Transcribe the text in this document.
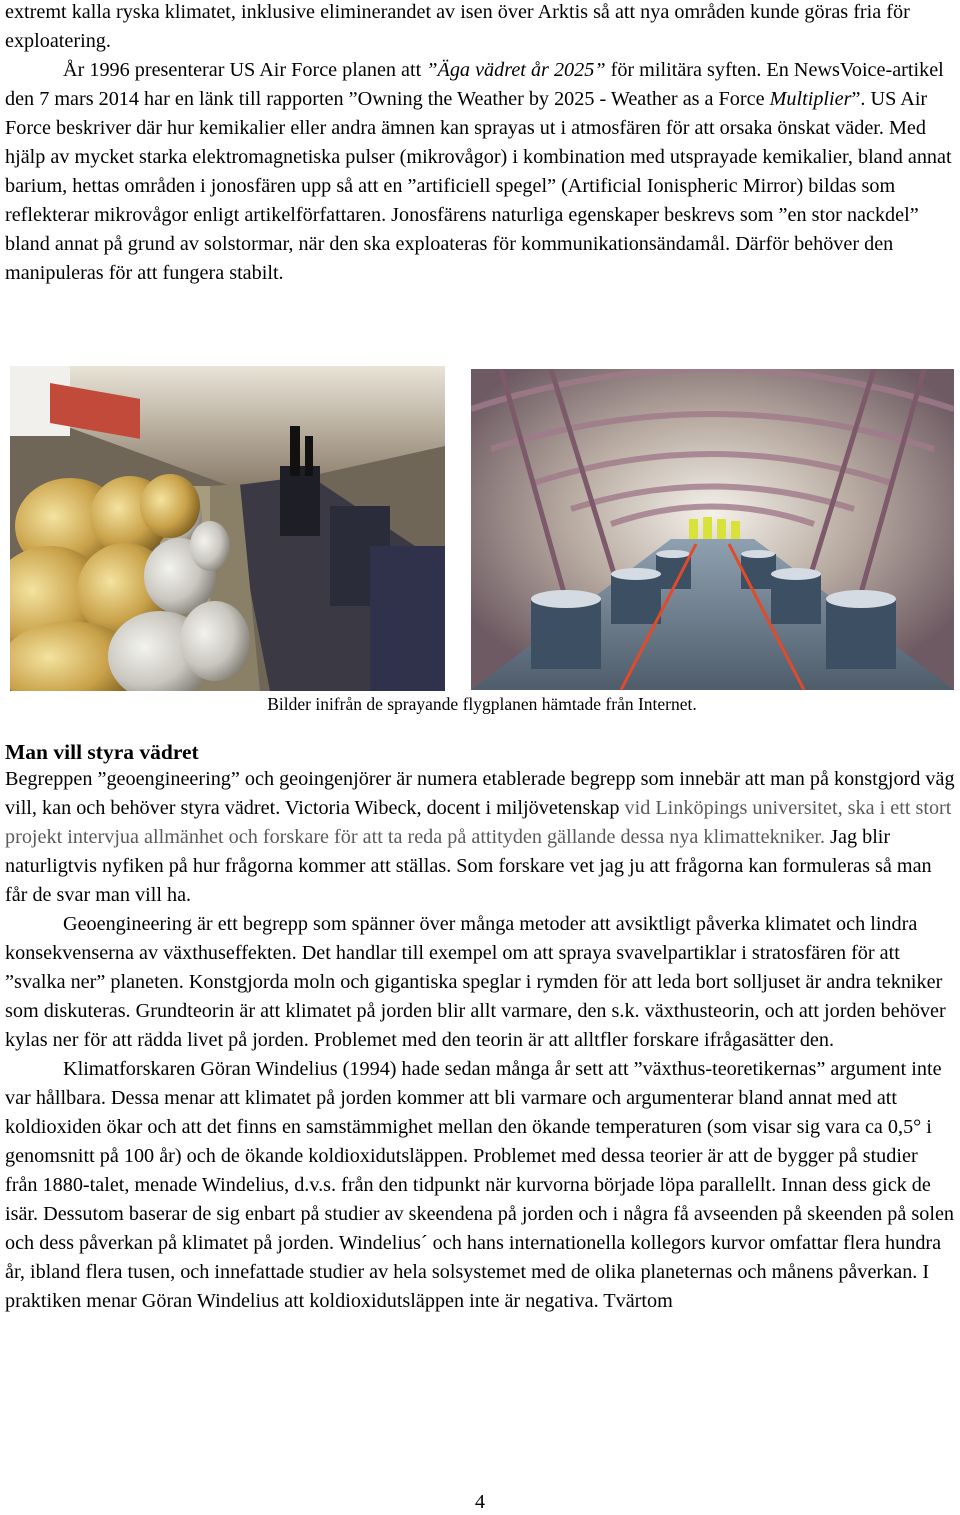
extremt kalla ryska klimatet, inklusive eliminerandet av isen över Arktis så att nya områden kunde göras fria för exploatering.
År 1996 presenterar US Air Force planen att ”Äga vädret år 2025” för militära syften. En NewsVoice-artikel den 7 mars 2014 har en länk till rapporten ”Owning the Weather by 2025 - Weather as a Force Multiplier”. US Air Force beskriver där hur kemikalier eller andra ämnen kan sprayas ut i atmosfären för att orsaka önskat väder. Med hjälp av mycket starka elektromagnetiska pulser (mikrovågor) i kombination med utsprayade kemikalier, bland annat barium, hettas områden i jonosfären upp så att en ”artificiell spegel” (Artificial Ionispheric Mirror) bildas som reflekterar mikrovågor enligt artikelförfattaren. Jonosfärens naturliga egenskaper beskrevs som ”en stor nackdel” bland annat på grund av solstormar, när den ska exploateras för kommunikationsändamål. Därför behöver den manipuleras för att fungera stabilt.

Bilder inifrån de sprayande flygplanen hämtade från Internet.
Man vill styra vädret

Begreppen ”geoengineering” och geoingenjörer är numera etablerade begrepp som innebär att man på konstgjord väg vill, kan och behöver styra vädret. Victoria Wibeck, docent i miljövetenskap vid Linköpings universitet, ska i ett stort projekt intervjua allmänhet och forskare för att ta reda på attityden gällande dessa nya klimattekniker. Jag blir naturligtvis nyfiken på hur frågorna kommer att ställas. Som forskare vet jag ju att frågorna kan formuleras så man får de svar man vill ha.

Geoengineering är ett begrepp som spänner över många metoder att avsiktligt påverka klimatet och lindra konsekvenserna av växthuseffekten. Det handlar till exempel om att spraya svavelpartiklar i stratosfären för att ”svalka ner” planeten. Konstgjorda moln och gigantiska speglar i rymden för att leda bort solljuset är andra tekniker som diskuteras. Grundteorin är att klimatet på jorden blir allt varmare, den s.k. växthusteorin, och att jorden behöver kylas ner för att rädda livet på jorden. Problemet med den teorin är att alltfler forskare ifrågasätter den.

Klimatforskaren Göran Windelius (1994) hade sedan många år sett att ”växthus-teoretikernas” argument inte var hållbara. Dessa menar att klimatet på jorden kommer att bli varmare och argumenterar bland annat med att koldioxiden ökar och att det finns en samstämmighet mellan den ökande temperaturen (som visar sig vara ca 0,5° i genomsnitt på 100 år) och de ökande koldioxidutsläppen. Problemet med dessa teorier är att de bygger på studier från 1880-talet, menade Windelius, d.v.s. från den tidpunkt när kurvorna började löpa parallellt. Innan dess gick de isär. Dessutom baserar de sig enbart på studier av skeendena på jorden och i några få avseenden på skeenden på solen och dess påverkan på klimatet på jorden. Windelius´ och hans internationella kollegors kurvor omfattar flera hundra år, ibland flera tusen, och innefattade studier av hela solsystemet med de olika planeternas och månens påverkan. I praktiken menar Göran Windelius att koldioxidutsläppen inte är negativa. Tvärtom

4
